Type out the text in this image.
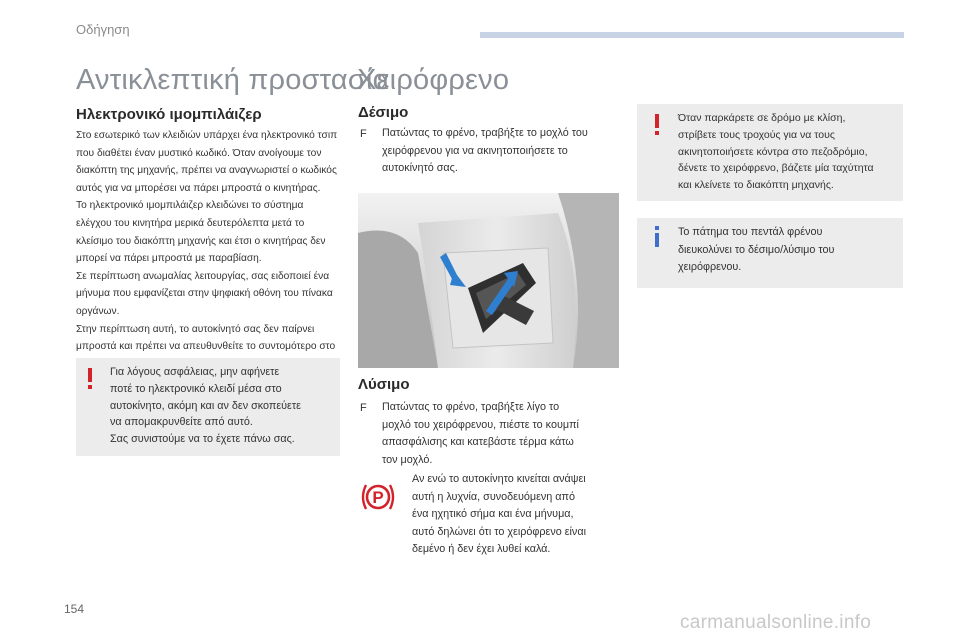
Οδήγηση
Αντικλεπτική προστασία
Ηλεκτρονικό ιμομπιλάιζερ
Στο εσωτερικό των κλειδιών υπάρχει ένα ηλεκτρονικό τσιπ
που διαθέτει έναν μυστικό κωδικό. Όταν ανοίγουμε τον
διακόπτη της μηχανής, πρέπει να αναγνωριστεί ο κωδικός
αυτός για να μπορέσει να πάρει μπροστά ο κινητήρας.
Το ηλεκτρονικό ιμομπιλάιζερ κλειδώνει το σύστημα
ελέγχου του κινητήρα μερικά δευτερόλεπτα μετά το
κλείσιμο του διακόπτη μηχανής και έτσι ο κινητήρας δεν
μπορεί να πάρει μπροστά με παραβίαση.
Σε περίπτωση ανωμαλίας λειτουργίας, σας ειδοποιεί ένα
μήνυμα που εμφανίζεται στην ψηφιακή οθόνη του πίνακα
οργάνων.
Στην περίπτωση αυτή, το αυτοκίνητό σας δεν παίρνει
μπροστά και πρέπει να απευθυνθείτε το συντομότερο στο
Για λόγους ασφάλειας, μην αφήνετε
ποτέ το ηλεκτρονικό κλειδί μέσα στο
αυτοκίνητο, ακόμη και αν δεν σκοπεύετε
να απομακρυνθείτε από αυτό.
Σας συνιστούμε να το έχετε πάνω σας.
Χειρόφρενο
Δέσιμο
F Πατώντας το φρένο, τραβήξτε το μοχλό του
χειρόφρενου για να ακινητοποιήσετε το
αυτοκίνητό σας.
Λύσιμο
F Πατώντας το φρένο, τραβήξτε λίγο το
μοχλό του χειρόφρενου, πιέστε το κουμπί
απασφάλισης και κατεβάστε τέρμα κάτω
τον μοχλό.
P
Αν ενώ το αυτοκίνητο κινείται ανάψει
αυτή η λυχνία, συνοδευόμενη από
ένα ηχητικό σήμα και ένα μήνυμα,
αυτό δηλώνει ότι το χειρόφρενο είναι
δεμένο ή δεν έχει λυθεί καλά.
Όταν παρκάρετε σε δρόμο με κλίση,
στρίβετε τους τροχούς για να τους
ακινητοποιήσετε κόντρα στο πεζοδρόμιο,
δένετε το χειρόφρενο, βάζετε μία ταχύτητα
και κλείνετε το διακόπτη μηχανής.
Το πάτημα του πεντάλ φρένου
διευκολύνει το δέσιμο/λύσιμο του
χειρόφρενου.
154
carmanualsonline.info
